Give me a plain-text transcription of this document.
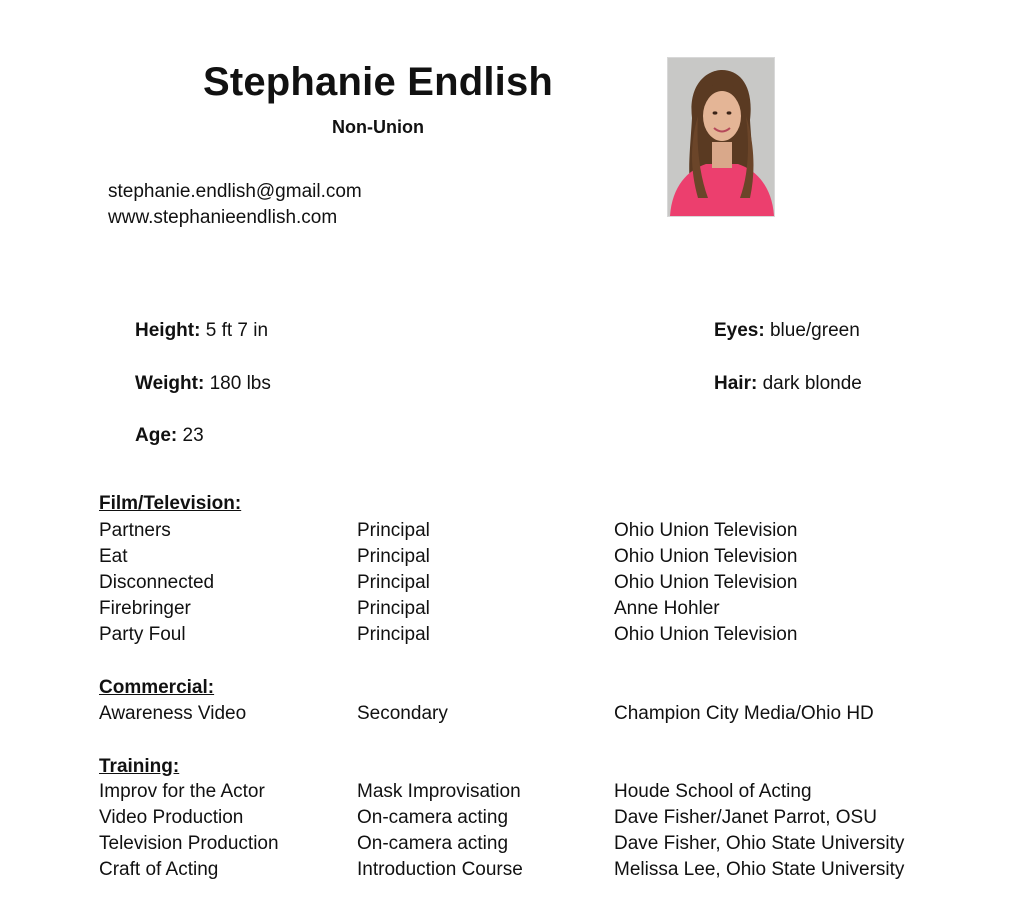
Stephanie Endlish
Non-Union
stephanie.endlish@gmail.com
www.stephanieendlish.com
Height: 5 ft 7 in
Weight: 180 lbs
Age: 23
Eyes: blue/green
Hair: dark blonde
Film/Television:
Partners	Principal	Ohio Union Television
Eat	Principal	Ohio Union Television
Disconnected	Principal	Ohio Union Television
Firebringer	Principal	Anne Hohler
Party Foul	Principal	Ohio Union Television
Commercial:
Awareness Video	Secondary	Champion City Media/Ohio HD
Training:
Improv for the Actor	Mask Improvisation	Houde School of Acting
Video Production	On-camera acting	Dave Fisher/Janet Parrot, OSU
Television Production	On-camera acting	Dave Fisher, Ohio State University
Craft of Acting	Introduction Course	Melissa Lee, Ohio State University
